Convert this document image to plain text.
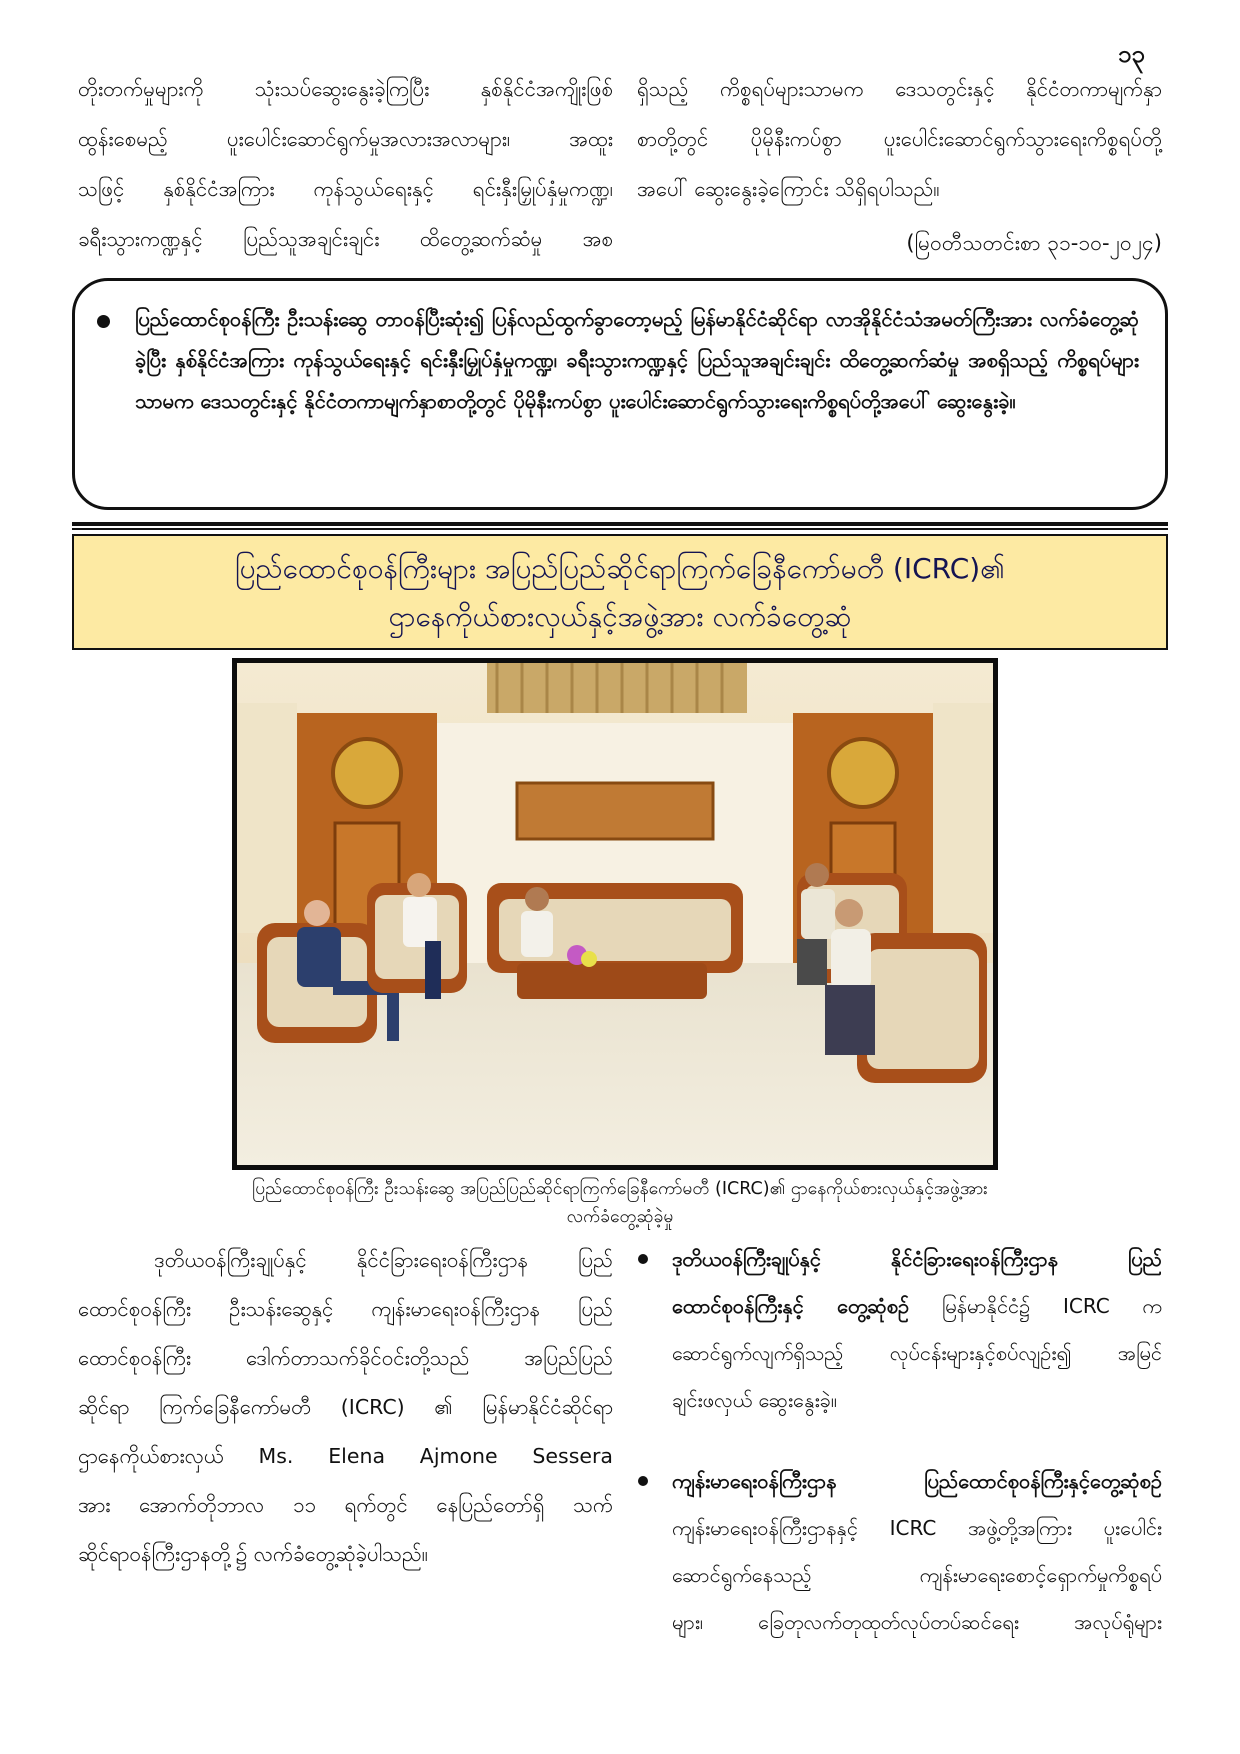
၁၃
တိုးတက်မှုများကို သုံးသပ်ဆွေးနွေးခဲ့ကြပြီး နှစ်နိုင်ငံအကျိုးဖြစ်
ထွန်းစေမည့် ပူးပေါင်းဆောင်ရွက်မှုအလားအလာများ၊ အထူး
သဖြင့် နှစ်နိုင်ငံအကြား ကုန်သွယ်ရေးနှင့် ရင်းနှီးမြှုပ်နှံမှုကဏ္ဍ၊
ခရီးသွားကဏ္ဍနှင့် ပြည်သူအချင်းချင်း ထိတွေ့ဆက်ဆံမှု အစ
ရှိသည့် ကိစ္စရပ်များသာမက ဒေသတွင်းနှင့် နိုင်ငံတကာမျက်နှာ
စာတို့တွင် ပိုမိုနီးကပ်စွာ ပူးပေါင်းဆောင်ရွက်သွားရေးကိစ္စရပ်တို့
အပေါ် ဆွေးနွေးခဲ့ကြောင်း သိရှိရပါသည်။
(မြဝတီသတင်းစာ ၃၁-၁၀-၂၀၂၄)
ပြည်ထောင်စုဝန်ကြီး ဦးသန်းဆွေ တာဝန်ပြီးဆုံး၍ ပြန်လည်ထွက်ခွာတော့မည့် မြန်မာနိုင်ငံဆိုင်ရာ လာအိုနိုင်ငံသံအမတ်ကြီးအား လက်ခံတွေ့ဆုံခဲ့ပြီး နှစ်နိုင်ငံအကြား ကုန်သွယ်ရေးနှင့် ရင်းနှီးမြှုပ်နှံမှုကဏ္ဍ၊ ခရီးသွားကဏ္ဍနှင့် ပြည်သူအချင်းချင်း ထိတွေ့ဆက်ဆံမှု အစရှိသည့် ကိစ္စရပ်များသာမက ဒေသတွင်းနှင့် နိုင်ငံတကာမျက်နှာစာတို့တွင် ပိုမိုနီးကပ်စွာ ပူးပေါင်းဆောင်ရွက်သွားရေးကိစ္စရပ်တို့အပေါ် ဆွေးနွေးခဲ့။
ပြည်ထောင်စုဝန်ကြီးများ အပြည်ပြည်ဆိုင်ရာကြက်ခြေနီကော်မတီ (ICRC)၏
ဌာနေကိုယ်စားလှယ်နှင့်အဖွဲ့အား လက်ခံတွေ့ဆုံ
ပြည်ထောင်စုဝန်ကြီး ဦးသန်းဆွေ အပြည်ပြည်ဆိုင်ရာကြက်ခြေနီကော်မတီ (ICRC)၏ ဌာနေကိုယ်စားလှယ်နှင့်အဖွဲ့အား
လက်ခံတွေ့ဆုံခဲ့မှု
ဒုတိယဝန်ကြီးချုပ်နှင့် နိုင်ငံခြားရေးဝန်ကြီးဌာန ပြည်
ထောင်စုဝန်ကြီး ဦးသန်းဆွေနှင့် ကျန်းမာရေးဝန်ကြီးဌာန ပြည်
ထောင်စုဝန်ကြီး ဒေါက်တာသက်ခိုင်ဝင်းတို့သည် အပြည်ပြည်
ဆိုင်ရာ ကြက်ခြေနီကော်မတီ (ICRC) ၏ မြန်မာနိုင်ငံဆိုင်ရာ
ဌာနေကိုယ်စားလှယ် Ms. Elena Ajmone Sessera
အား အောက်တိုဘာလ ၁၁ ရက်တွင် နေပြည်တော်ရှိ သက်
ဆိုင်ရာဝန်ကြီးဌာနတို့၌ လက်ခံတွေ့ဆုံခဲ့ပါသည်။
ဒုတိယဝန်ကြီးချုပ်နှင့် နိုင်ငံခြားရေးဝန်ကြီးဌာန ပြည်
ထောင်စုဝန်ကြီးနှင့် တွေ့ဆုံစဉ် မြန်မာနိုင်ငံ၌ ICRC က
ဆောင်ရွက်လျက်ရှိသည့် လုပ်ငန်းများနှင့်စပ်လျဉ်း၍ အမြင်
ချင်းဖလှယ် ဆွေးနွေးခဲ့။
ကျန်းမာရေးဝန်ကြီးဌာန ပြည်ထောင်စုဝန်ကြီးနှင့်တွေ့ဆုံစဉ်
ကျန်းမာရေးဝန်ကြီးဌာနနှင့် ICRC အဖွဲ့တို့အကြား ပူးပေါင်း
ဆောင်ရွက်နေသည့် ကျန်းမာရေးစောင့်ရှောက်မှုကိစ္စရပ်
များ၊ ခြေတုလက်တုထုတ်လုပ်တပ်ဆင်ရေး အလုပ်ရုံများ
